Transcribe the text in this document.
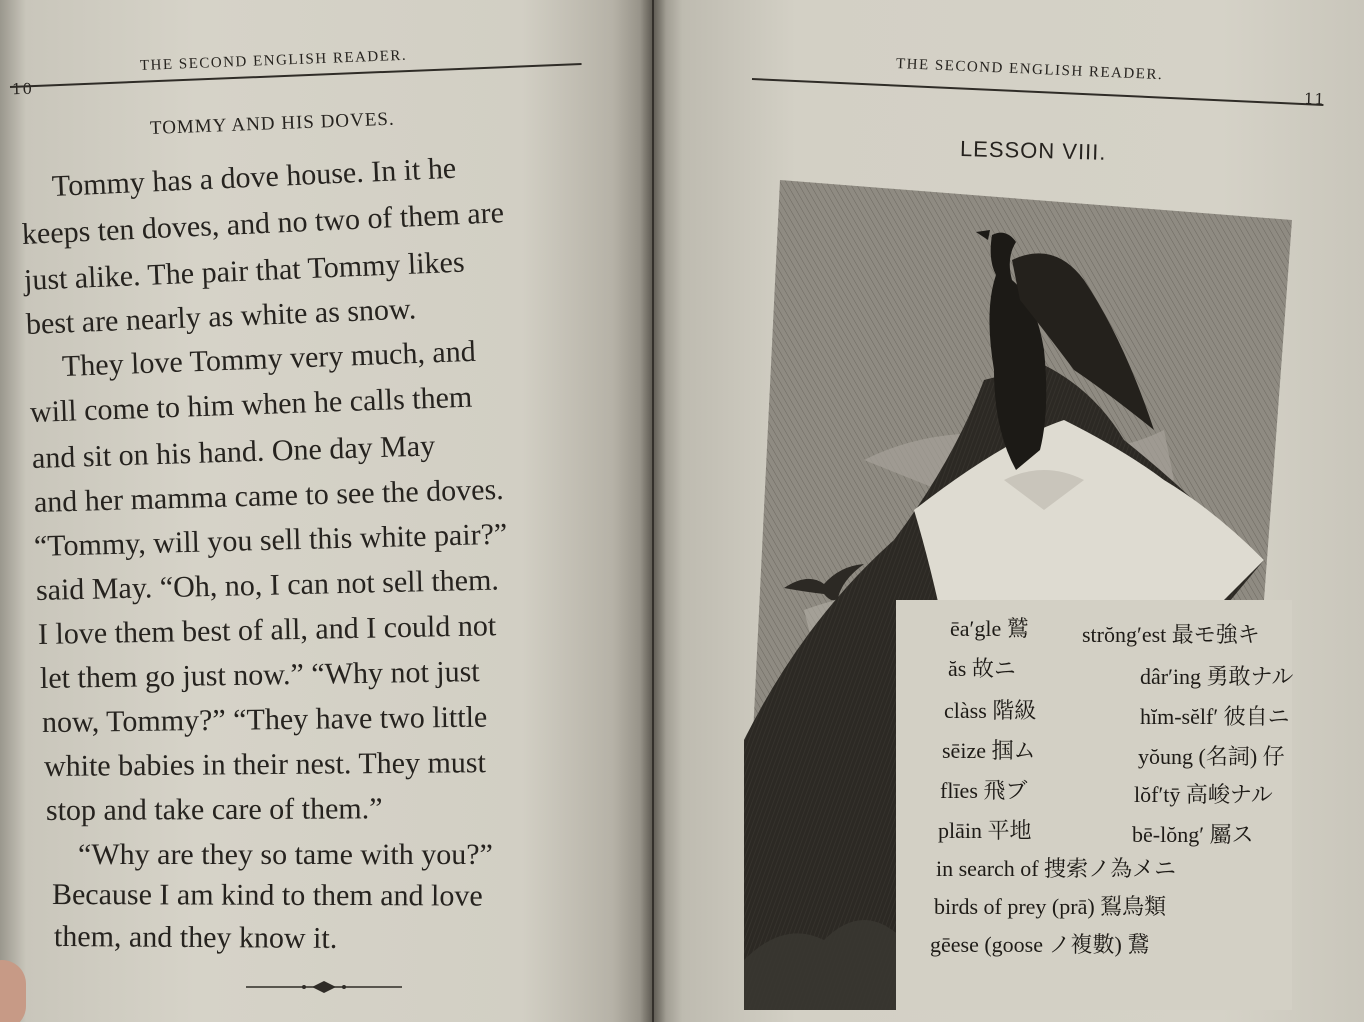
10
THE SECOND ENGLISH READER.
TOMMY AND HIS DOVES.
Tommy has a dove house. In it he
keeps ten doves, and no two of them are
just alike. The pair that Tommy likes
best are nearly as white as snow.
They love Tommy very much, and
will come to him when he calls them
and sit on his hand. One day May
and her mamma came to see the doves.
“Tommy, will you sell this white pair?”
said May. “Oh, no, I can not sell them.
I love them best of all, and I could not
let them go just now.” “Why not just
now, Tommy?” “They have two little
white babies in their nest. They must
stop and take care of them.”
“Why are they so tame with you?”
Because I am kind to them and love
them, and they know it.
THE SECOND ENGLISH READER.
11
LESSON VIII.
ēa′gle 鷲
ăs 故ニ
clàss 階級
sēize 掴ム
flīes 飛ブ
plāin 平地
in search of 捜索ノ為メニ
birds of prey (prā) 鴷鳥類
gēese (goose ノ複數) 鵞
strŏng′est 最モ強キ
dâr′ing 勇敢ナル
hĭm-sĕlf′ 彼自ニ
yŏung (名詞) 仔
lŏf′tȳ 高峻ナル
bē-lŏng′ 屬ス
